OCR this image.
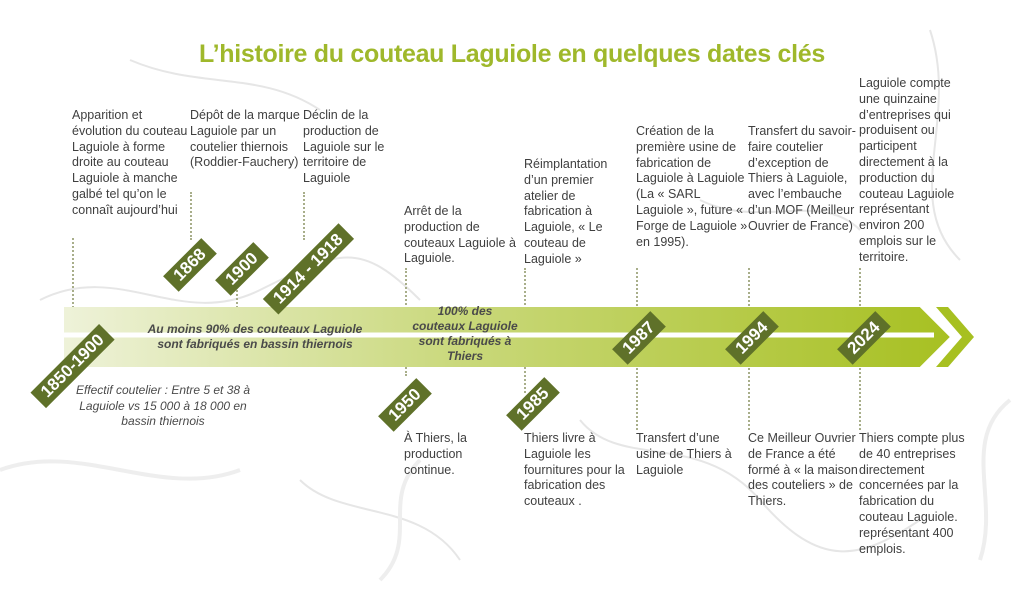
L’histoire du couteau Laguiole en quelques dates clés
Au moins 90% des couteaux Laguiole sont fabriqués en bassin thiernois
100% des couteaux Laguiole sont fabriqués à Thiers
Apparition et évolution du couteau Laguiole à forme droite au couteau Laguiole à manche galbé tel qu’on le connaît aujourd’hui
Dépôt de la marque Laguiole par un coutelier thiernois (Roddier-Fauchery)
Déclin de la production de Laguiole sur le territoire de Laguiole
Arrêt de la production de couteaux Laguiole à Laguiole.
Réimplantation d’un premier atelier de fabrication à Laguiole, « Le couteau de Laguiole »
Création de la première usine de fabrication de Laguiole à Laguiole (La « SARL Laguiole », future « Forge de Laguiole » en 1995).
Transfert du savoir-faire coutelier d’exception de Thiers à Laguiole, avec l’embauche d’un MOF (Meilleur Ouvrier de France)
Laguiole compte une quinzaine d’entreprises qui produisent ou participent directement à la production du couteau Laguiole représentant environ 200 emplois sur le territoire.
Effectif coutelier : Entre 5 et 38 à Laguiole vs 15 000 à 18 000 en bassin thiernois
À Thiers, la production continue.
Thiers livre à Laguiole les fournitures pour la fabrication des couteaux .
Transfert d’une usine de Thiers à Laguiole
Ce Meilleur Ouvrier de France a été formé à « la maison des couteliers » de Thiers.
Thiers compte plus de 40 entreprises directement concernées par la fabrication du couteau Laguiole. représentant 400 emplois.
1850-1900
1868 1900 1914 - 1918
1950	1985
1987	1994	2024
